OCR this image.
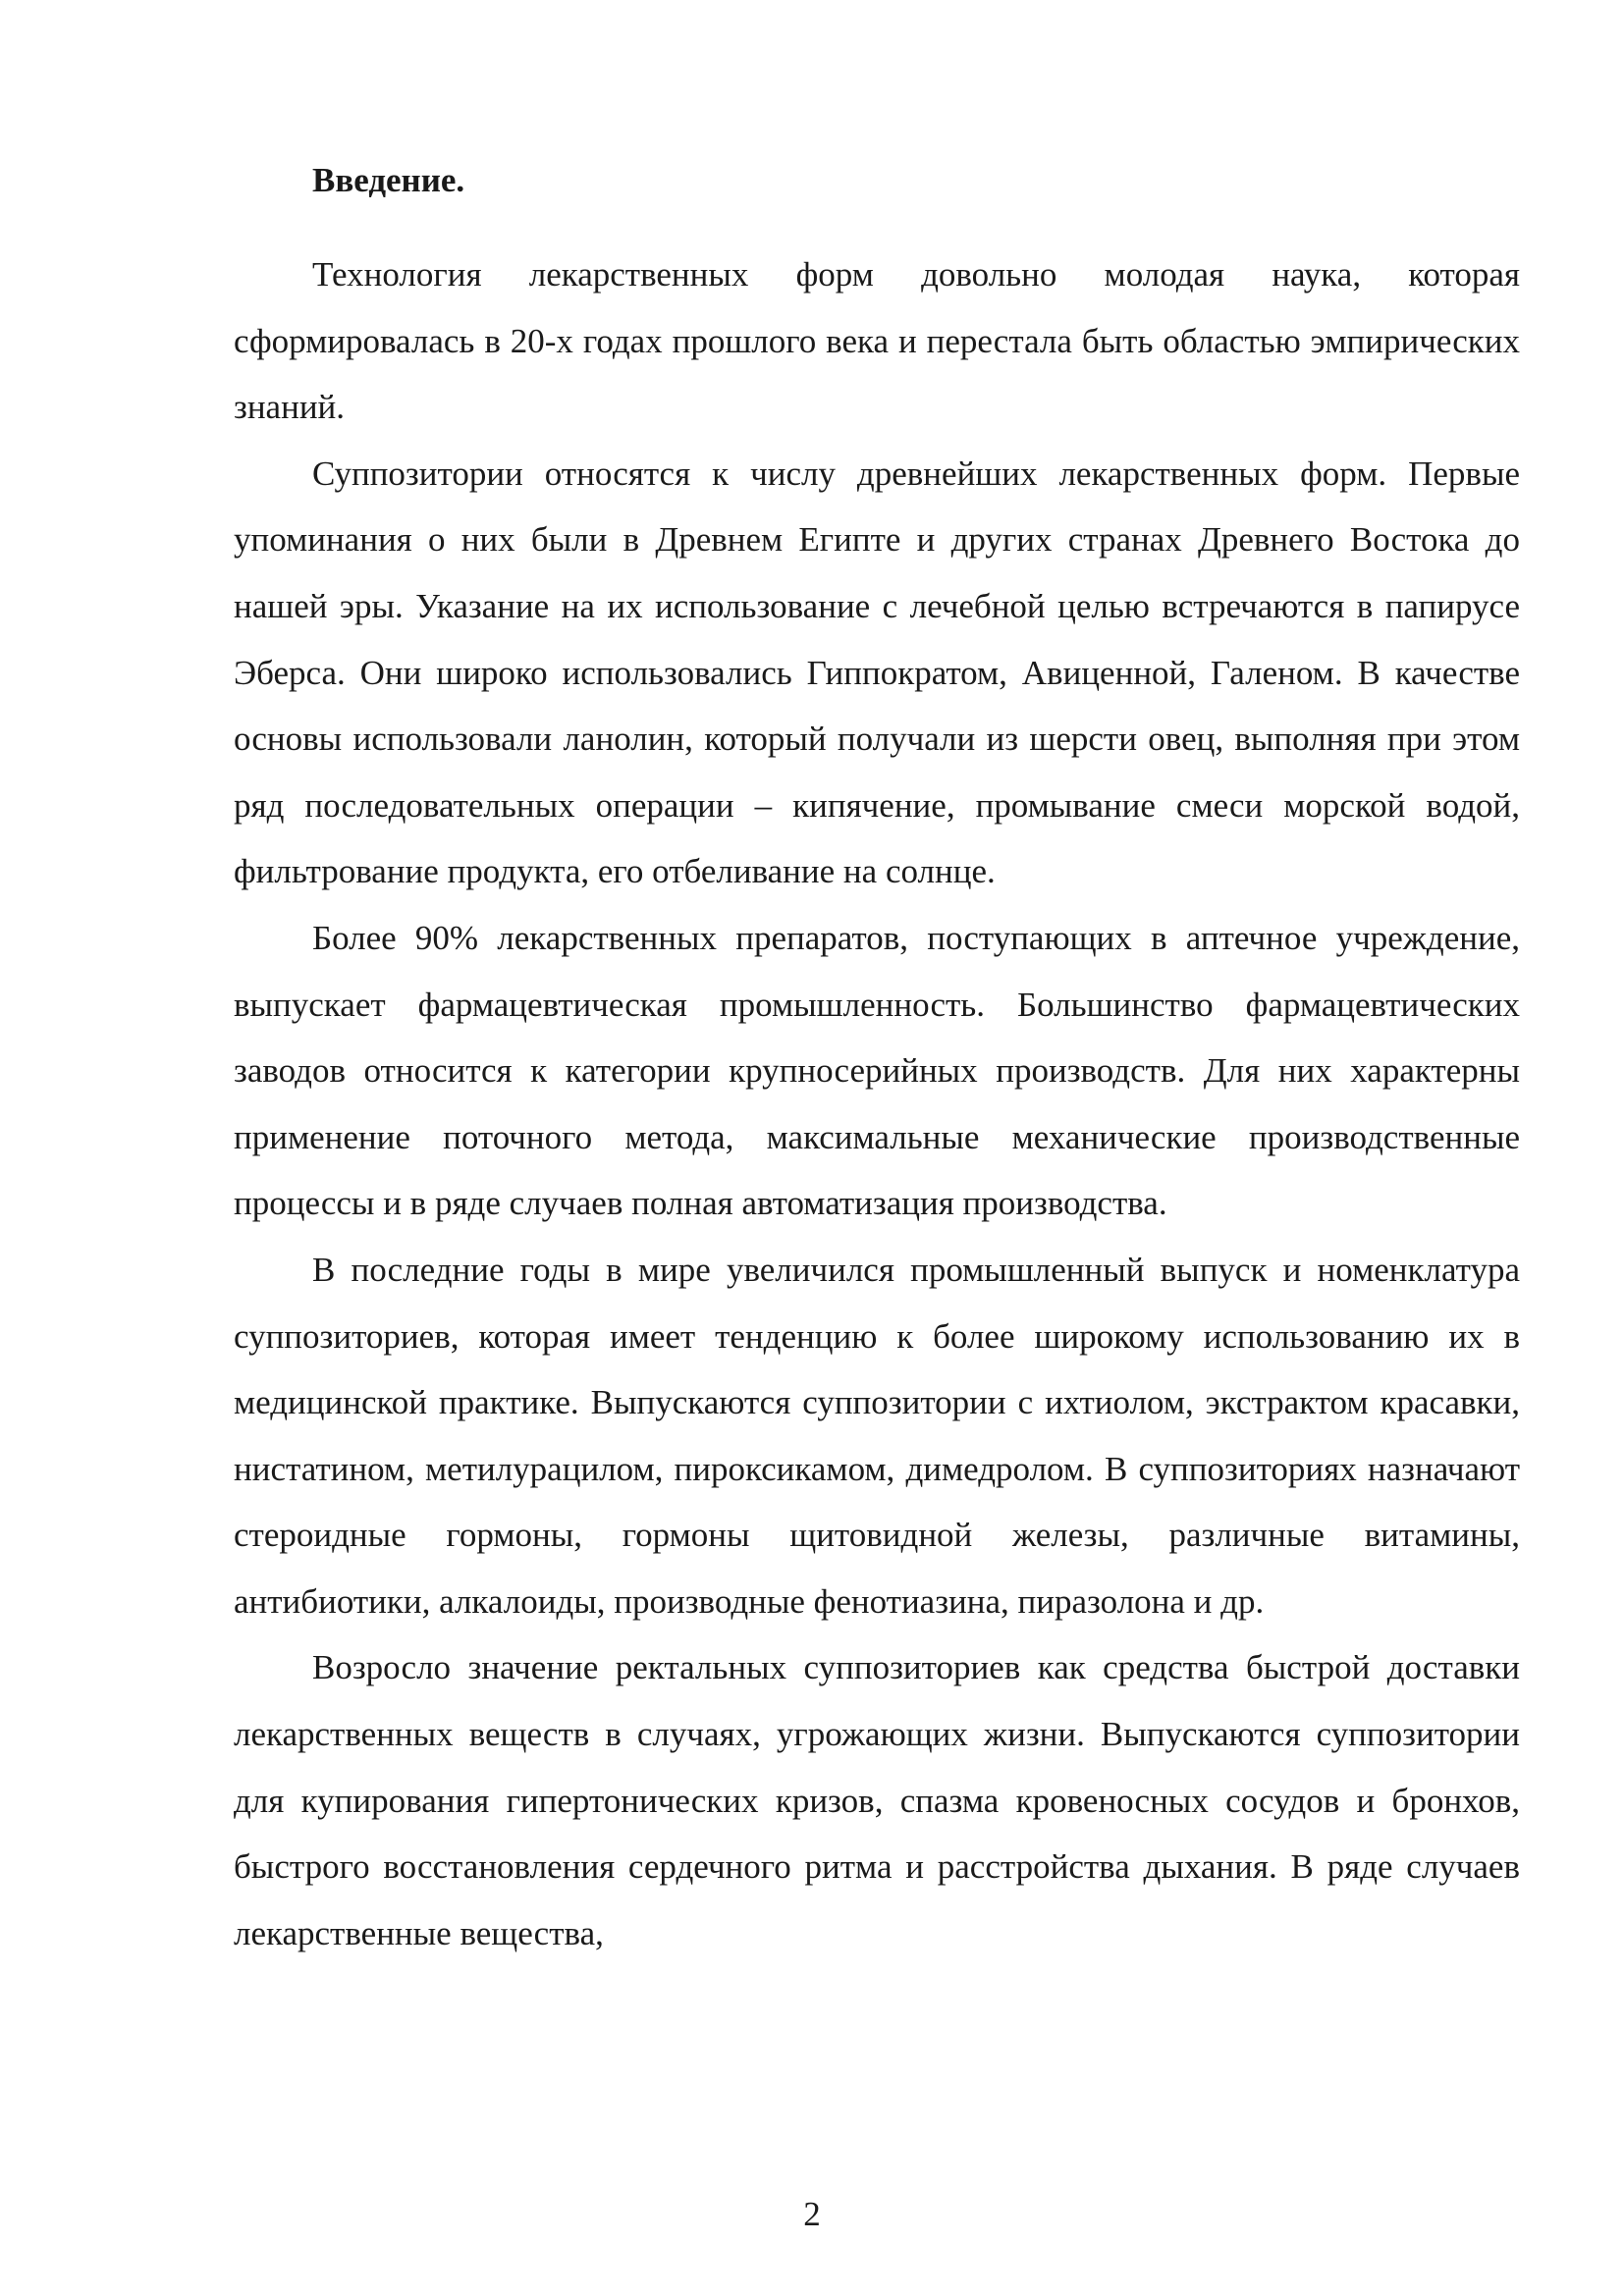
Введение.

Технология лекарственных форм довольно молодая наука, которая сформировалась в 20-х годах прошлого века и перестала быть областью эмпирических знаний.

Суппозитории относятся к числу древнейших лекарственных форм. Первые упоминания о них были в Древнем Египте и других странах Древнего Востока до нашей эры. Указание на их использование с лечебной целью встречаются в папирусе Эберса. Они широко использовались Гиппократом, Авиценной, Галеном. В качестве основы использовали ланолин, который получали из шерсти овец, выполняя при этом ряд последовательных операции – кипячение, промывание смеси морской водой, фильтрование продукта, его отбеливание на солнце.

Более 90% лекарственных препаратов, поступающих в аптечное учреждение, выпускает фармацевтическая промышленность. Большинство фармацевтических заводов относится к категории крупносерийных производств. Для них характерны применение поточного метода, максимальные механические производственные процессы и в ряде случаев полная автоматизация производства.

В последние годы в мире увеличился промышленный выпуск и номенклатура суппозиториев, которая имеет тенденцию к более широкому использованию их в медицинской практике. Выпускаются суппозитории с ихтиолом, экстрактом красавки, нистатином, метилурацилом, пироксикамом, димедролом. В суппозиториях назначают стероидные гормоны, гормоны щитовидной железы, различные витамины, антибиотики, алкалоиды, производные фенотиазина, пиразолона и др.

Возросло значение ректальных суппозиториев как средства быстрой доставки лекарственных веществ в случаях, угрожающих жизни. Выпускаются суппозитории для купирования гипертонических кризов, спазма кровеносных сосудов и бронхов, быстрого восстановления сердечного ритма и расстройства дыхания. В ряде случаев лекарственные вещества,

2
